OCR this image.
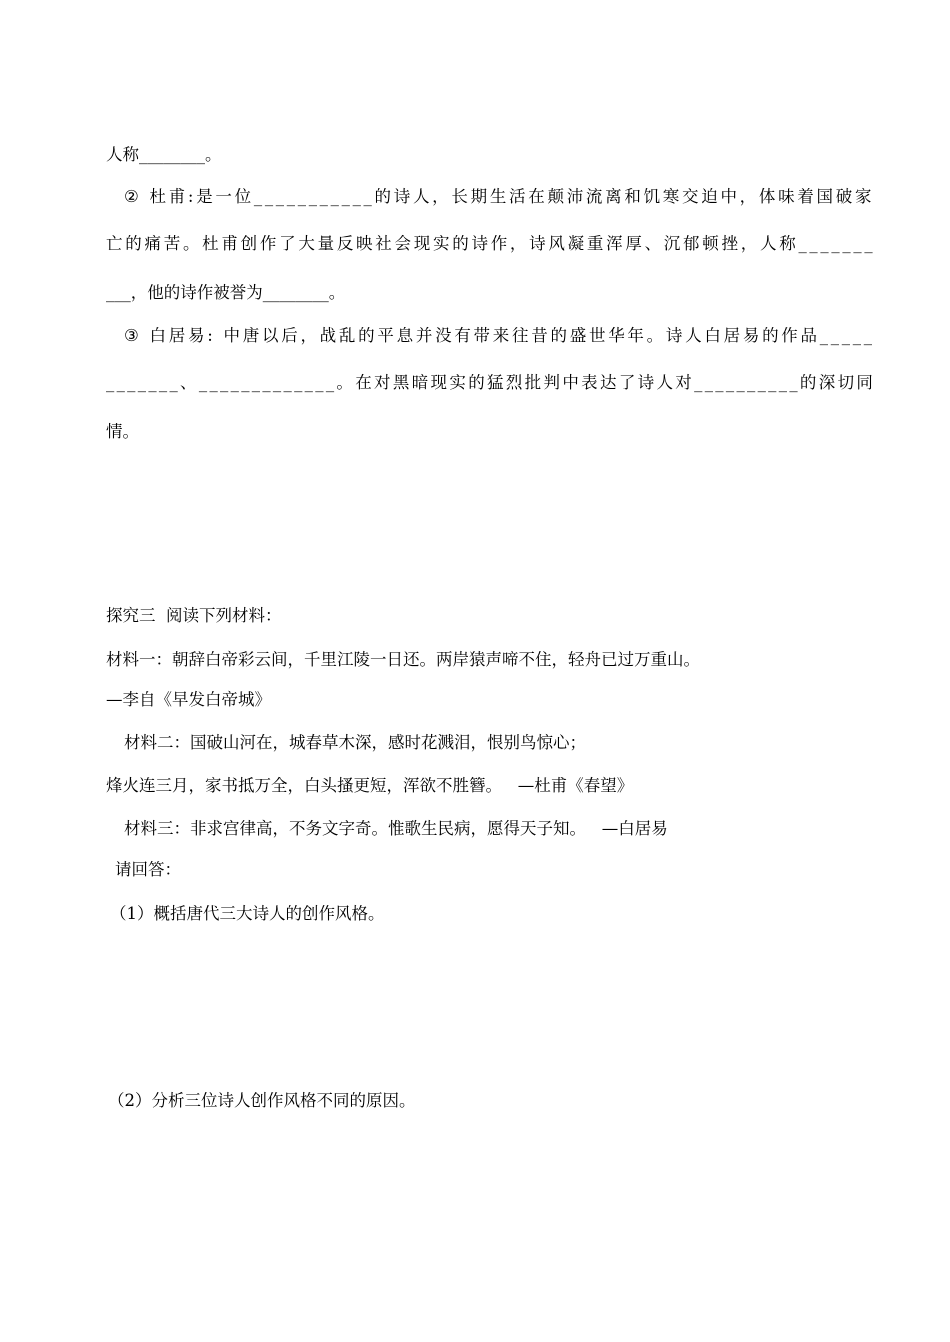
人称________。
②
杜 甫 : 是 一 位 _ _ _ _ _ _ _ _ _ _ _ 的 诗 人 ， 长 期 生 活 在 颠 沛 流 离 和 饥 寒 交 迫 中 ， 体 味 着 国 破 家
亡 的 痛 苦 。 杜 甫 创 作 了 大 量 反 映 社 会 现 实 的 诗 作 ， 诗 风 凝 重 浑 厚 、 沉 郁 顿 挫 ， 人 称 _ _ _ _ _ _ _
___，他的诗作被誉为________。
③
白 居 易 :
中 唐 以 后 ， 战 乱 的 平 息 并 没 有 带 来 往 昔 的 盛 世 华 年 。 诗 人 白 居 易 的 作 品 _ _ _ _ _
_ _ _ _ _ _ _ 、 _ _ _ _ _ _ _ _ _ _ _ _ _ 。 在 对 黑 暗 现 实 的 猛 烈 批 判 中 表 达 了 诗 人 对 _ _ _ _ _ _ _ _ _ _ 的 深 切 同
情。
探究三  阅读下列材料：
材料一：朝辞白帝彩云间，千里江陵一日还。两岸猿声啼不住，轻舟已过万重山。
—李自《早发白帝城》
材料二：国破山河在，城春草木深，感时花溅泪，恨别鸟惊心；
烽火连三月，家书抵万全，白头搔更短，浑欲不胜簪。   —杜甫《春望》
材料三：非求宫律高，不务文字奇。惟歌生民病，愿得天子知。   —白居易
请回答：
（1）概括唐代三大诗人的创作风格。
（2）分析三位诗人创作风格不同的原因。
